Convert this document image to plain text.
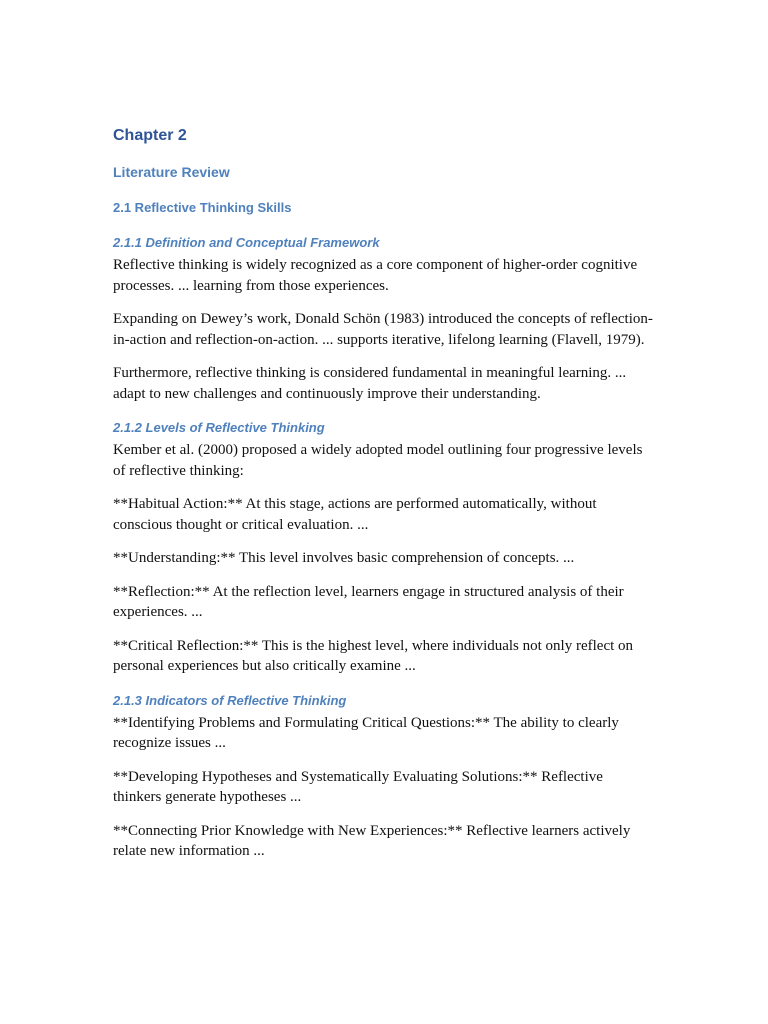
Chapter 2
Literature Review
2.1 Reflective Thinking Skills
2.1.1 Definition and Conceptual Framework

Reflective thinking is widely recognized as a core component of higher-order cognitive processes. ... learning from those experiences.

Expanding on Dewey’s work, Donald Schön (1983) introduced the concepts of reflection-in-action and reflection-on-action. ... supports iterative, lifelong learning (Flavell, 1979).

Furthermore, reflective thinking is considered fundamental in meaningful learning. ... adapt to new challenges and continuously improve their understanding.

2.1.2 Levels of Reflective Thinking

Kember et al. (2000) proposed a widely adopted model outlining four progressive levels of reflective thinking:

**Habitual Action:** At this stage, actions are performed automatically, without conscious thought or critical evaluation. ...

**Understanding:** This level involves basic comprehension of concepts. ...

**Reflection:** At the reflection level, learners engage in structured analysis of their experiences. ...

**Critical Reflection:** This is the highest level, where individuals not only reflect on personal experiences but also critically examine ...

2.1.3 Indicators of Reflective Thinking

**Identifying Problems and Formulating Critical Questions:** The ability to clearly recognize issues ...

**Developing Hypotheses and Systematically Evaluating Solutions:** Reflective thinkers generate hypotheses ...

**Connecting Prior Knowledge with New Experiences:** Reflective learners actively relate new information ...
